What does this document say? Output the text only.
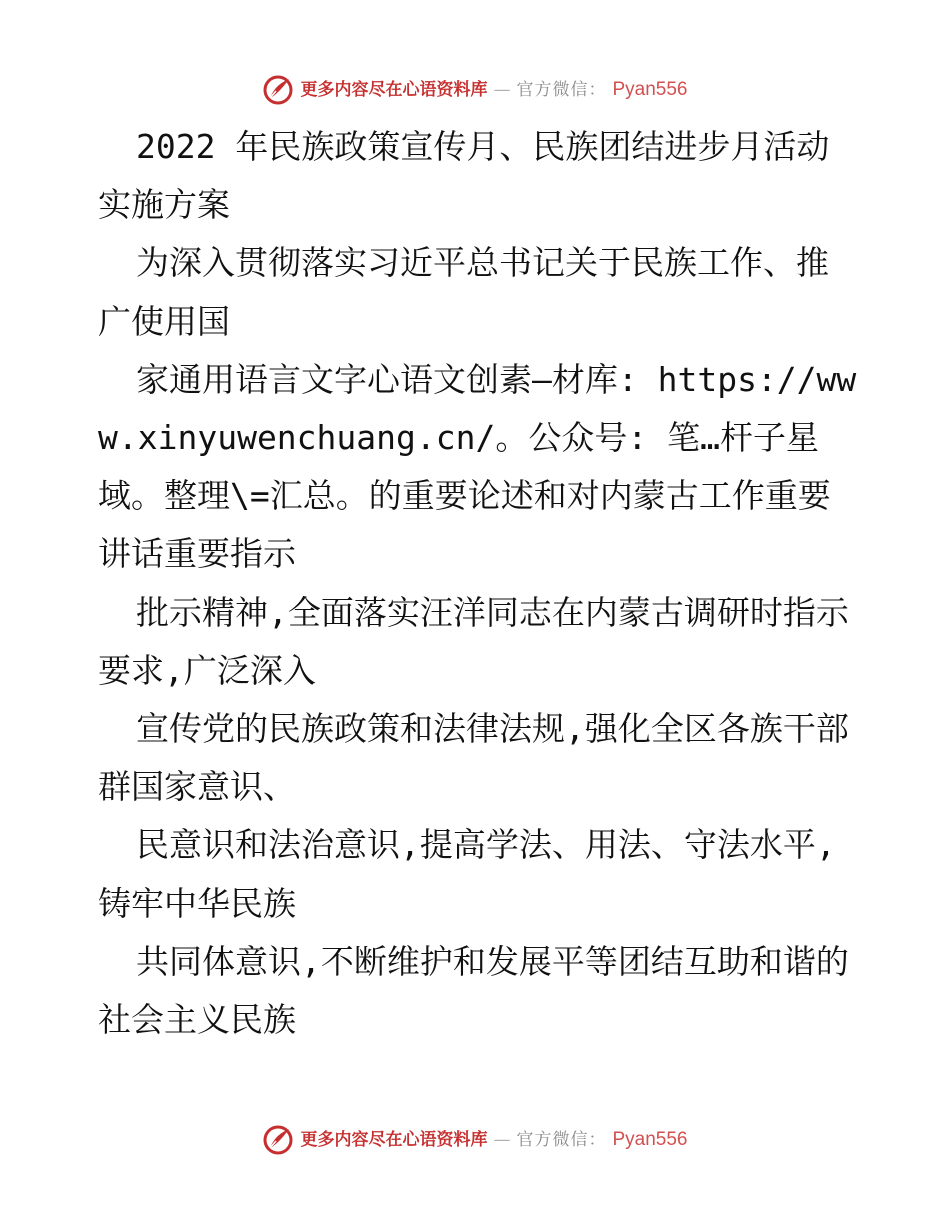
更多内容尽在心语资料库 — 官方微信： Pyan556

2022 年民族政策宣传月、民族团结进步月活动实施方案

为深入贯彻落实习近平总书记关于民族工作、推广使用国

家通用语言文字心语文创素—材库: https://www.xinyuwenchuang.cn/。公众号: 笔…杆子星域。整理\=汇总。的重要论述和对内蒙古工作重要讲话重要指示

批示精神,全面落实汪洋同志在内蒙古调研时指示要求,广泛深入

宣传党的民族政策和法律法规,强化全区各族干部群国家意识、

民意识和法治意识,提高学法、用法、守法水平,铸牢中华民族

共同体意识,不断维护和发展平等团结互助和谐的社会主义民族

更多内容尽在心语资料库 — 官方微信： Pyan556
